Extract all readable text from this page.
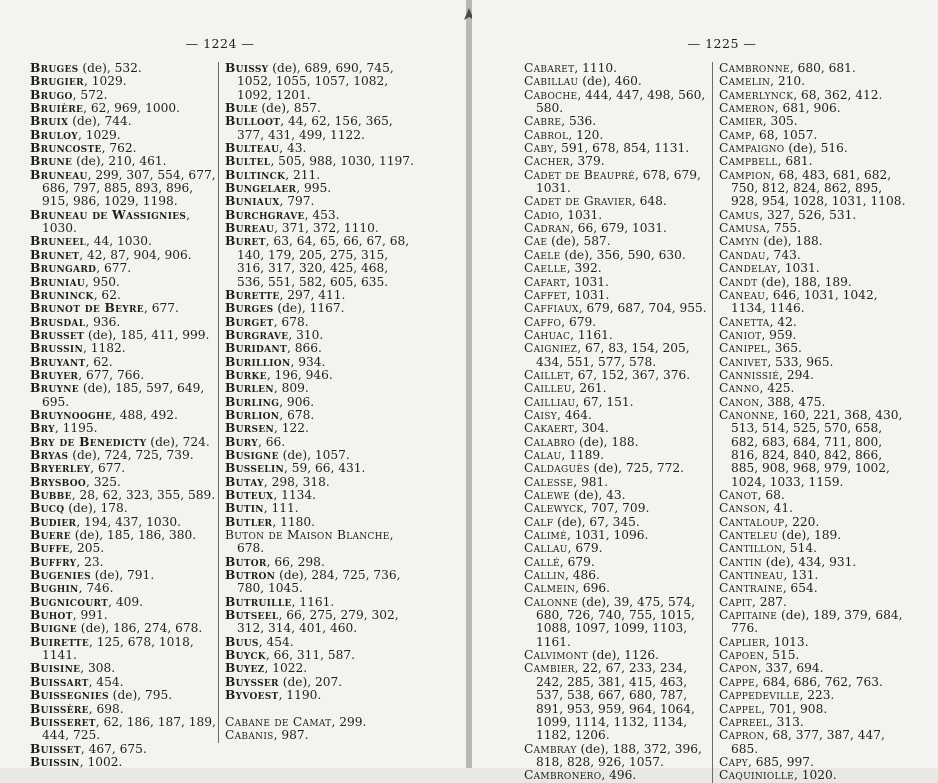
— 1224 —

Bruges (de), 532.

Brugier, 1029.

Brugo, 572.

Bruière, 62, 969, 1000.

Bruix (de), 744.

Bruloy, 1029.

Bruncoste, 762.

Brune (de), 210, 461.

Bruneau, 299, 307, 554, 677, 686, 797, 885, 893, 896, 915, 986, 1029, 1198.

Bruneau de Wassignies, 1030.

Bruneel, 44, 1030.

Brunet, 42, 87, 904, 906.

Brungard, 677.

Bruniau, 950.

Bruninck, 62.

Brunot de Beyre, 677.

Brusdal, 936.

Brusset (de), 185, 411, 999.

Brussin, 1182.

Bruyant, 62.

Bruyer, 677, 766.

Bruyne (de), 185, 597, 649, 695.

Bruynooghe, 488, 492.

Bry, 1195.

Bry de Benedicty (de), 724.

Bryas (de), 724, 725, 739.

Bryerley, 677.

Brysboo, 325.

Bubbe, 28, 62, 323, 355, 589.

Bucq (de), 178.

Budier, 194, 437, 1030.

Buere (de), 185, 186, 380.

Buffe, 205.

Buffry, 23.

Bugenies (de), 791.

Bughin, 746.

Bugnicourt, 409.

Buhot, 991.

Buigne (de), 186, 274, 678.

Buirette, 125, 678, 1018, 1141.

Buisine, 308.

Buissart, 454.

Buissegnies (de), 795.

Buissère, 698.

Buisseret, 62, 186, 187, 189, 444, 725.

Buisset, 467, 675.

Buissin, 1002.

Buissy (de), 689, 690, 745, 1052, 1055, 1057, 1082, 1092, 1201.

Bule (de), 857.

Bulloot, 44, 62, 156, 365, 377, 431, 499, 1122.

Bulteau, 43.

Bultel, 505, 988, 1030, 1197.

Bultinck, 211.

Bungelaer, 995.

Buniaux, 797.

Burchgrave, 453.

Bureau, 371, 372, 1110.

Buret, 63, 64, 65, 66, 67, 68, 140, 179, 205, 275, 315, 316, 317, 320, 425, 468, 536, 551, 582, 605, 635.

Burette, 297, 411.

Burges (de), 1167.

Burget, 678.

Burgrave, 310.

Buridant, 866.

Burillion, 934.

Burke, 196, 946.

Burlen, 809.

Burling, 906.

Burlion, 678.

Bursen, 122.

Bury, 66.

Busigne (de), 1057.

Busselin, 59, 66, 431.

Butay, 298, 318.

Buteux, 1134.

Butin, 111.

Butler, 1180.

Buton de Maison Blanche, 678.

Butor, 66, 298.

Butron (de), 284, 725, 736, 780, 1045.

Butruille, 1161.

Butseel, 66, 275, 279, 302, 312, 314, 401, 460.

Buus, 454.

Buyck, 66, 311, 587.

Buyez, 1022.

Buysser (de), 207.

Byvoest, 1190.

Cabane de Camat, 299.

Cabanis, 987.

— 1225 —

Cabaret, 1110.

Cabillau (de), 460.

Caboche, 444, 447, 498, 560, 580.

Cabre, 536.

Cabrol, 120.

Caby, 591, 678, 854, 1131.

Cacher, 379.

Cadet de Beaupré, 678, 679, 1031.

Cadet de Gravier, 648.

Cadio, 1031.

Cadran, 66, 679, 1031.

Cae (de), 587.

Caele (de), 356, 590, 630.

Caelle, 392.

Cafart, 1031.

Caffet, 1031.

Caffiaux, 679, 687, 704, 955.

Caffo, 679.

Cahuac, 1161.

Caigniez, 67, 83, 154, 205, 434, 551, 577, 578.

Caillet, 67, 152, 367, 376.

Cailleu, 261.

Cailliau, 67, 151.

Caisy, 464.

Cakaert, 304.

Calabro (de), 188.

Calau, 1189.

Caldaguès (de), 725, 772.

Calesse, 981.

Calewe (de), 43.

Calewyck, 707, 709.

Calf (de), 67, 345.

Calimé, 1031, 1096.

Callau, 679.

Callé, 679.

Callin, 486.

Calmein, 696.

Calonne (de), 39, 475, 574, 680, 726, 740, 755, 1015, 1088, 1097, 1099, 1103, 1161.

Calvimont (de), 1126.

Cambier, 22, 67, 233, 234, 242, 285, 381, 415, 463, 537, 538, 667, 680, 787, 891, 953, 959, 964, 1064, 1099, 1114, 1132, 1134, 1182, 1206.

Cambray (de), 188, 372, 396, 818, 828, 926, 1057.

Cambronero, 496.

Cambronne, 680, 681.

Camelin, 210.

Camerlynck, 68, 362, 412.

Cameron, 681, 906.

Camier, 305.

Camp, 68, 1057.

Campaigno (de), 516.

Campbell, 681.

Campion, 68, 483, 681, 682, 750, 812, 824, 862, 895, 928, 954, 1028, 1031, 1108.

Camus, 327, 526, 531.

Camusa, 755.

Camyn (de), 188.

Candau, 743.

Candelay, 1031.

Candt (de), 188, 189.

Caneau, 646, 1031, 1042, 1134, 1146.

Canetta, 42.

Caniot, 959.

Canipel, 365.

Canivet, 533, 965.

Cannissié, 294.

Canno, 425.

Canon, 388, 475.

Canonne, 160, 221, 368, 430, 513, 514, 525, 570, 658, 682, 683, 684, 711, 800, 816, 824, 840, 842, 866, 885, 908, 968, 979, 1002, 1024, 1033, 1159.

Canot, 68.

Canson, 41.

Cantaloup, 220.

Canteleu (de), 189.

Cantillon, 514.

Cantin (de), 434, 931.

Cantineau, 131.

Cantraine, 654.

Capit, 287.

Capitaine (de), 189, 379, 684, 776.

Caplier, 1013.

Capoen, 515.

Capon, 337, 694.

Cappe, 684, 686, 762, 763.

Cappedeville, 223.

Cappel, 701, 908.

Capreel, 313.

Capron, 68, 377, 387, 447, 685.

Capy, 685, 997.

Caquiniolle, 1020.
